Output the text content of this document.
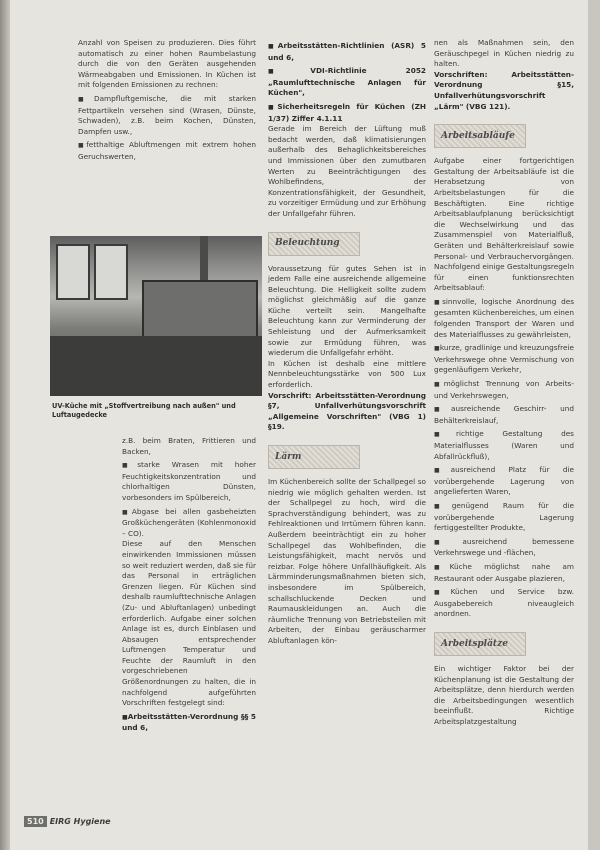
Anzahl von Speisen zu produzieren. Dies führt automatisch zu einer hohen Raumbelastung durch die von den Geräten ausgehenden Wärmeabgaben und Emissionen. In Küchen ist mit folgenden Emissionen zu rechnen:

■ Dampfluftgemische, die mit starken Fettpartikeln versehen sind (Wrasen, Dünste, Schwaden), z.B. beim Kochen, Dünsten, Dampfen usw.,

■ fetthaltige Abluftmengen mit extrem hohen Geruchswerten,

UV-Küche mit „Stoffvertreibung nach außen" und Luftaugedecke

z.B. beim Braten, Frittieren und Backen,

■ starke Wrasen mit hoher Feuchtigkeitskonzentration und chlorhaltigen Dünsten, vorbesonders im Spülbereich,

■ Abgase bei allen gasbeheizten Großküchengeräten (Kohlenmonoxid – CO).

Diese auf den Menschen einwirkenden Immissionen müssen so weit reduziert werden, daß sie für das Personal in erträglichen Grenzen liegen. Für Küchen sind deshalb raumlufttechnische Anlagen (Zu- und Abluftanlagen) unbedingt erforderlich. Aufgabe einer solchen Anlage ist es, durch Einblasen und Absaugen entsprechender Luftmengen Temperatur und Feuchte der Raumluft in den vorgeschriebenen Größenordnungen zu halten, die in nachfolgend aufgeführten Vorschriften festgelegt sind:

■ Arbeitsstätten-Verordnung §§ 5 und 6,

■ Arbeitsstätten-Richtlinien (ASR) 5 und 6,

■ VDI-Richtlinie 2052 „Raumlufttechnische Anlagen für Küchen",

■ Sicherheitsregeln für Küchen (ZH 1/37) Ziffer 4.1.11

Gerade im Bereich der Lüftung muß bedacht werden, daß klimatisierungen außerhalb des Behaglichkeitsbereiches und Immissionen über den zumutbaren Werten zu Beeinträchtigungen des Wohlbefindens, der Konzentrationsfähigkeit, der Gesundheit, zu vorzeitiger Ermüdung und zur Erhöhung der Unfallgefahr führen.

Beleuchtung

Voraussetzung für gutes Sehen ist in jedem Falle eine ausreichende allgemeine Beleuchtung. Die Helligkeit sollte zudem möglichst gleichmäßig auf die ganze Küche verteilt sein. Mangelhafte Beleuchtung kann zur Verminderung der Sehleistung und der Aufmerksamkeit sowie zur Ermüdung führen, was wiederum die Unfallgefahr erhöht.

In Küchen ist deshalb eine mittlere Nennbeleuchtungsstärke von 500 Lux erforderlich.

Vorschrift: Arbeitsstätten-Verordnung §7, Unfallverhütungsvorschrift „Allgemeine Vorschriften" (VBG 1) §19.

Lärm

Im Küchenbereich sollte der Schallpegel so niedrig wie möglich gehalten werden. Ist der Schallpegel zu hoch, wird die Sprachverständigung behindert, was zu Fehlreaktionen und Irrtümern führen kann. Außerdem beeinträchtigt ein zu hoher Schallpegel das Wohlbefinden, die Leistungsfähigkeit, macht nervös und reizbar. Folge höhere Unfallhäufigkeit. Als Lärmminderungsmaßnahmen bieten sich, insbesondere im Spülbereich, schallschluckende Decken und Raumauskleidungen an. Auch die räumliche Trennung von Betriebsteilen mit Arbeiten, der Einbau geräuscharmer Abluftanlagen kön-

nen als Maßnahmen sein, den Geräuschpegel in Küchen niedrig zu halten.

Vorschriften: Arbeitsstätten-Verordnung §15, Unfallverhütungsvorschrift „Lärm" (VBG 121).

Arbeitsabläufe

Aufgabe einer fortgerichtigen Gestaltung der Arbeitsabläufe ist die Herabsetzung von Arbeitsbelastungen für die Beschäftigten. Eine richtige Arbeitsablaufplanung berücksichtigt die Wechselwirkung und das Zusammenspiel von Materialfluß, Geräten und Behälterkreislauf sowie Personal- und Verbrauchervorgängen. Nachfolgend einige Gestaltungsregeln für einen funktionsrechten Arbeitsablauf:

■ sinnvolle, logische Anordnung des gesamten Küchenbereiches, um einen folgenden Transport der Waren und des Materialflusses zu gewährleisten,

■ kurze, gradlinige und kreuzungsfreie Verkehrswege ohne Vermischung von gegenläufigem Verkehr,

■ möglichst Trennung von Arbeits- und Verkehrswegen,

■ ausreichende Geschirr- und Behälterkreislauf,

■ richtige Gestaltung des Materialflusses (Waren und Abfallrückfluß),

■ ausreichend Platz für die vorübergehende Lagerung von angelieferten Waren,

■ genügend Raum für die vorübergehende Lagerung fertiggestellter Produkte,

■ ausreichend bemessene Verkehrswege und -flächen,

■ Küche möglichst nahe am Restaurant oder Ausgabe plazieren,

■ Küchen und Service bzw. Ausgabebereich niveaugleich anordnen.

Arbeitsplätze

Ein wichtiger Faktor bei der Küchenplanung ist die Gestaltung der Arbeitsplätze, denn hierdurch werden die Arbeitsbedingungen wesentlich beeinflußt. Richtige Arbeitsplatzgestaltung

510 EIRG Hygiene
